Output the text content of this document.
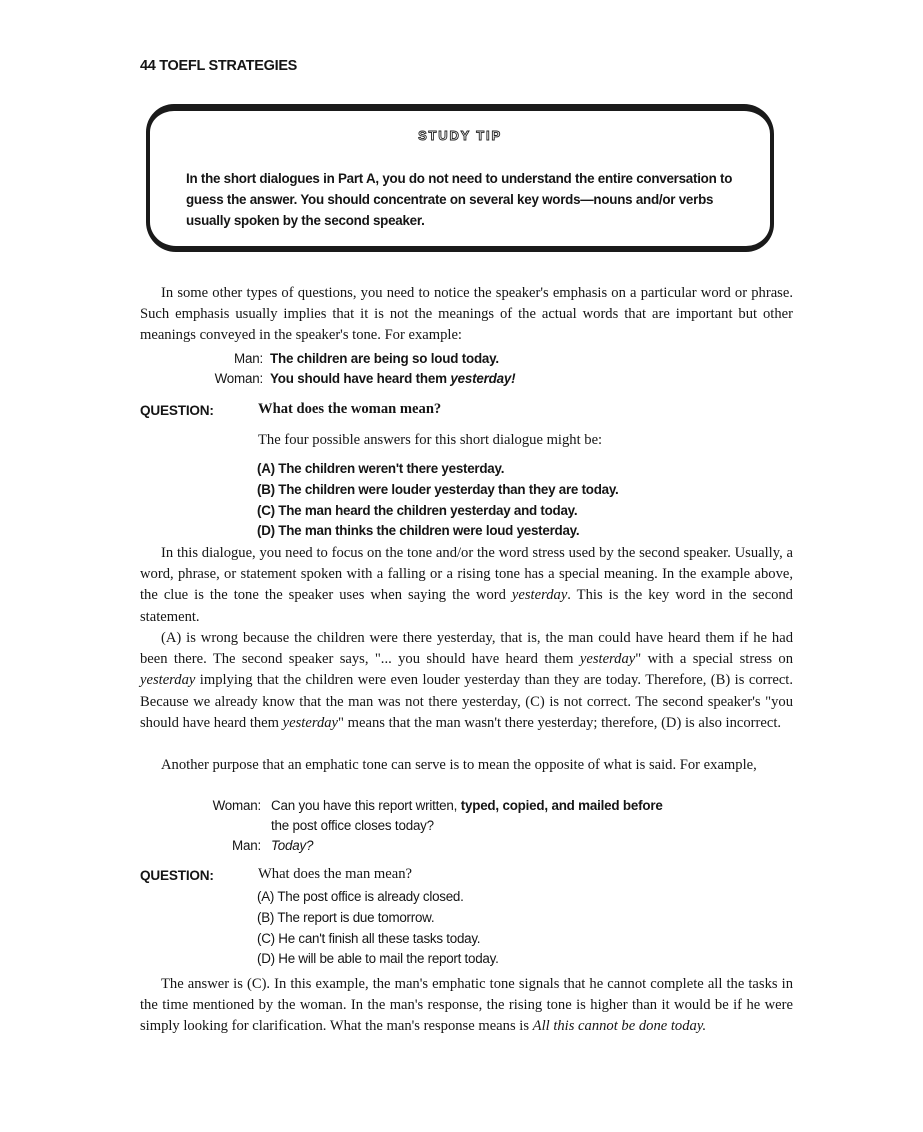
44 TOEFL STRATEGIES
STUDY TIP
In the short dialogues in Part A, you do not need to understand the entire conversation to guess the answer. You should concentrate on several key words—nouns and/or verbs usually spoken by the second speaker.

In some other types of questions, you need to notice the speaker's emphasis on a particular word or phrase. Such emphasis usually implies that it is not the meanings of the actual words that are important but other meanings conveyed in the speaker's tone. For example:

Man: The children are being so loud today.
Woman: You should have heard them yesterday!
QUESTION:	What does the woman mean?
The four possible answers for this short dialogue might be:
(A) The children weren't there yesterday.
(B) The children were louder yesterday than they are today.
(C) The man heard the children yesterday and today.
(D) The man thinks the children were loud yesterday.

In this dialogue, you need to focus on the tone and/or the word stress used by the second speaker. Usually, a word, phrase, or statement spoken with a falling or a rising tone has a special meaning. In the example above, the clue is the tone the speaker uses when saying the word yesterday. This is the key word in the second statement.

(A) is wrong because the children were there yesterday, that is, the man could have heard them if he had been there. The second speaker says, "... you should have heard them yesterday" with a special stress on yesterday implying that the children were even louder yesterday than they are today. Therefore, (B) is correct. Because we already know that the man was not there yesterday, (C) is not correct. The second speaker's "you should have heard them yesterday" means that the man wasn't there yesterday; therefore, (D) is also incorrect.

Another purpose that an emphatic tone can serve is to mean the opposite of what is said. For example,

Woman: Can you have this report written, typed, copied, and mailed before
the post office closes today?
Man: Today?
QUESTION:	What does the man mean?
(A) The post office is already closed.
(B) The report is due tomorrow.
(C) He can't finish all these tasks today.
(D) He will be able to mail the report today.

The answer is (C). In this example, the man's emphatic tone signals that he cannot complete all the tasks in the time mentioned by the woman. In the man's response, the rising tone is higher than it would be if he were simply looking for clarification. What the man's response means is All this cannot be done today.
